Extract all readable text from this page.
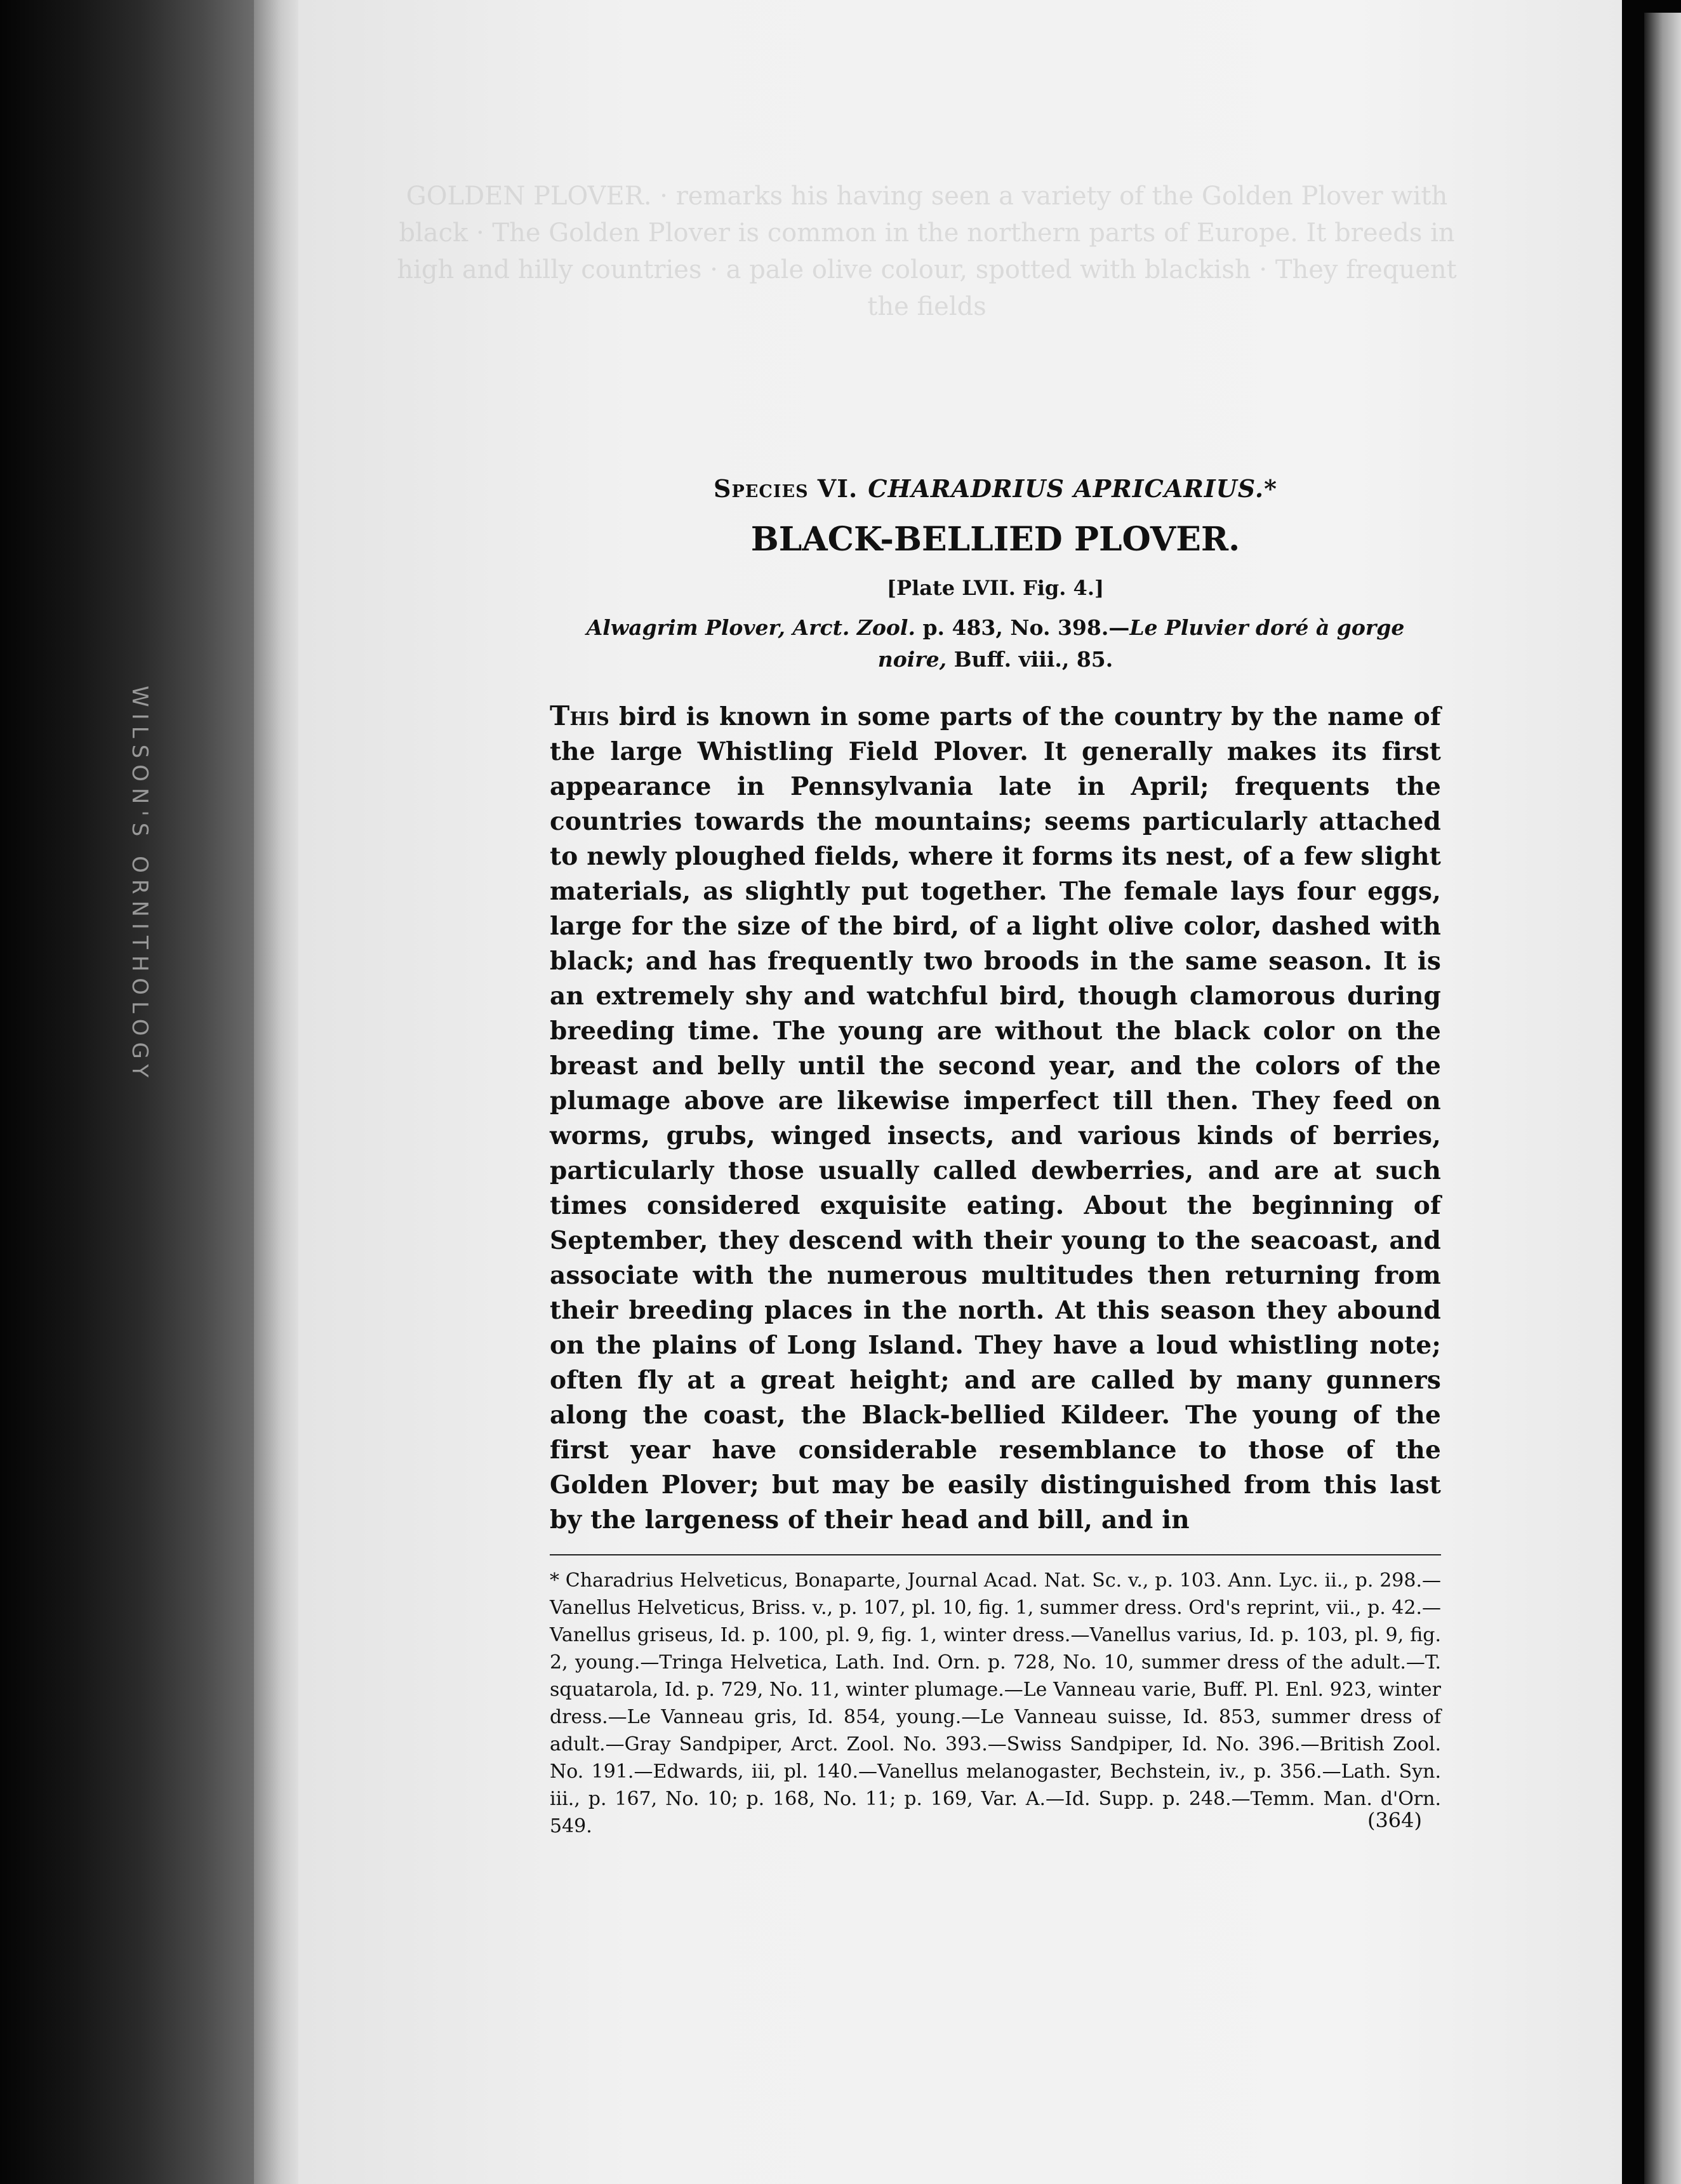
WILSON'S ORNITHOLOGY
GOLDEN PLOVER. · remarks his having seen a variety of the Golden Plover with black · The Golden Plover is common in the northern parts of Europe. It breeds in high and hilly countries · a pale olive colour, spotted with blackish · They frequent the fields
Species VI. CHARADRIUS APRICARIUS.*
BLACK-BELLIED PLOVER.
[Plate LVII. Fig. 4.]
Alwagrim Plover, Arct. Zool. p. 483, No. 398.—Le Pluvier doré à gorge noire, Buff. viii., 85.
This bird is known in some parts of the country by the name of the large Whistling Field Plover. It generally makes its first appearance in Pennsylvania late in April; frequents the countries towards the mountains; seems particularly attached to newly ploughed fields, where it forms its nest, of a few slight materials, as slightly put together. The female lays four eggs, large for the size of the bird, of a light olive color, dashed with black; and has frequently two broods in the same season. It is an extremely shy and watchful bird, though clamorous during breeding time. The young are without the black color on the breast and belly until the second year, and the colors of the plumage above are likewise imperfect till then. They feed on worms, grubs, winged insects, and various kinds of berries, particularly those usually called dewberries, and are at such times considered exquisite eating. About the beginning of September, they descend with their young to the seacoast, and associate with the numerous multitudes then returning from their breeding places in the north. At this season they abound on the plains of Long Island. They have a loud whistling note; often fly at a great height; and are called by many gunners along the coast, the Black-bellied Kildeer. The young of the first year have considerable resemblance to those of the Golden Plover; but may be easily distinguished from this last by the largeness of their head and bill, and in
* Charadrius Helveticus, Bonaparte, Journal Acad. Nat. Sc. v., p. 103. Ann. Lyc. ii., p. 298.—Vanellus Helveticus, Briss. v., p. 107, pl. 10, fig. 1, summer dress. Ord's reprint, vii., p. 42.—Vanellus griseus, Id. p. 100, pl. 9, fig. 1, winter dress.—Vanellus varius, Id. p. 103, pl. 9, fig. 2, young.—Tringa Helvetica, Lath. Ind. Orn. p. 728, No. 10, summer dress of the adult.—T. squatarola, Id. p. 729, No. 11, winter plumage.—Le Vanneau varie, Buff. Pl. Enl. 923, winter dress.—Le Vanneau gris, Id. 854, young.—Le Vanneau suisse, Id. 853, summer dress of adult.—Gray Sandpiper, Arct. Zool. No. 393.—Swiss Sandpiper, Id. No. 396.—British Zool. No. 191.—Edwards, iii, pl. 140.—Vanellus melanogaster, Bechstein, iv., p. 356.—Lath. Syn. iii., p. 167, No. 10; p. 168, No. 11; p. 169, Var. A.—Id. Supp. p. 248.—Temm. Man. d'Orn. 549.	(364)
